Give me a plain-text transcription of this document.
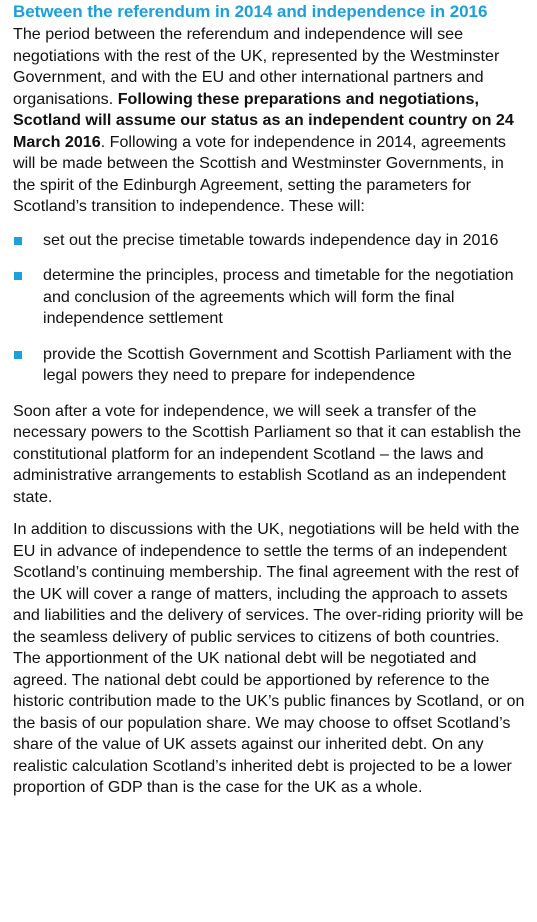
Between the referendum in 2014 and independence in 2016

The period between the referendum and independence will see negotiations with the rest of the UK, represented by the Westminster Government, and with the EU and other international partners and organisations. Following these preparations and negotiations, Scotland will assume our status as an independent country on 24 March 2016. Following a vote for independence in 2014, agreements will be made between the Scottish and Westminster Governments, in the spirit of the Edinburgh Agreement, setting the parameters for Scotland’s transition to independence. These will:

set out the precise timetable towards independence day in 2016
determine the principles, process and timetable for the negotiation and conclusion of the agreements which will form the final independence settlement
provide the Scottish Government and Scottish Parliament with the legal powers they need to prepare for independence

Soon after a vote for independence, we will seek a transfer of the necessary powers to the Scottish Parliament so that it can establish the constitutional platform for an independent Scotland – the laws and administrative arrangements to establish Scotland as an independent state.

In addition to discussions with the UK, negotiations will be held with the EU in advance of independence to settle the terms of an independent Scotland’s continuing membership. The final agreement with the rest of the UK will cover a range of matters, including the approach to assets and liabilities and the delivery of services. The over-riding priority will be the seamless delivery of public services to citizens of both countries. The apportionment of the UK national debt will be negotiated and agreed. The national debt could be apportioned by reference to the historic contribution made to the UK’s public finances by Scotland, or on the basis of our population share. We may choose to offset Scotland’s share of the value of UK assets against our inherited debt. On any realistic calculation Scotland’s inherited debt is projected to be a lower proportion of GDP than is the case for the UK as a whole.
